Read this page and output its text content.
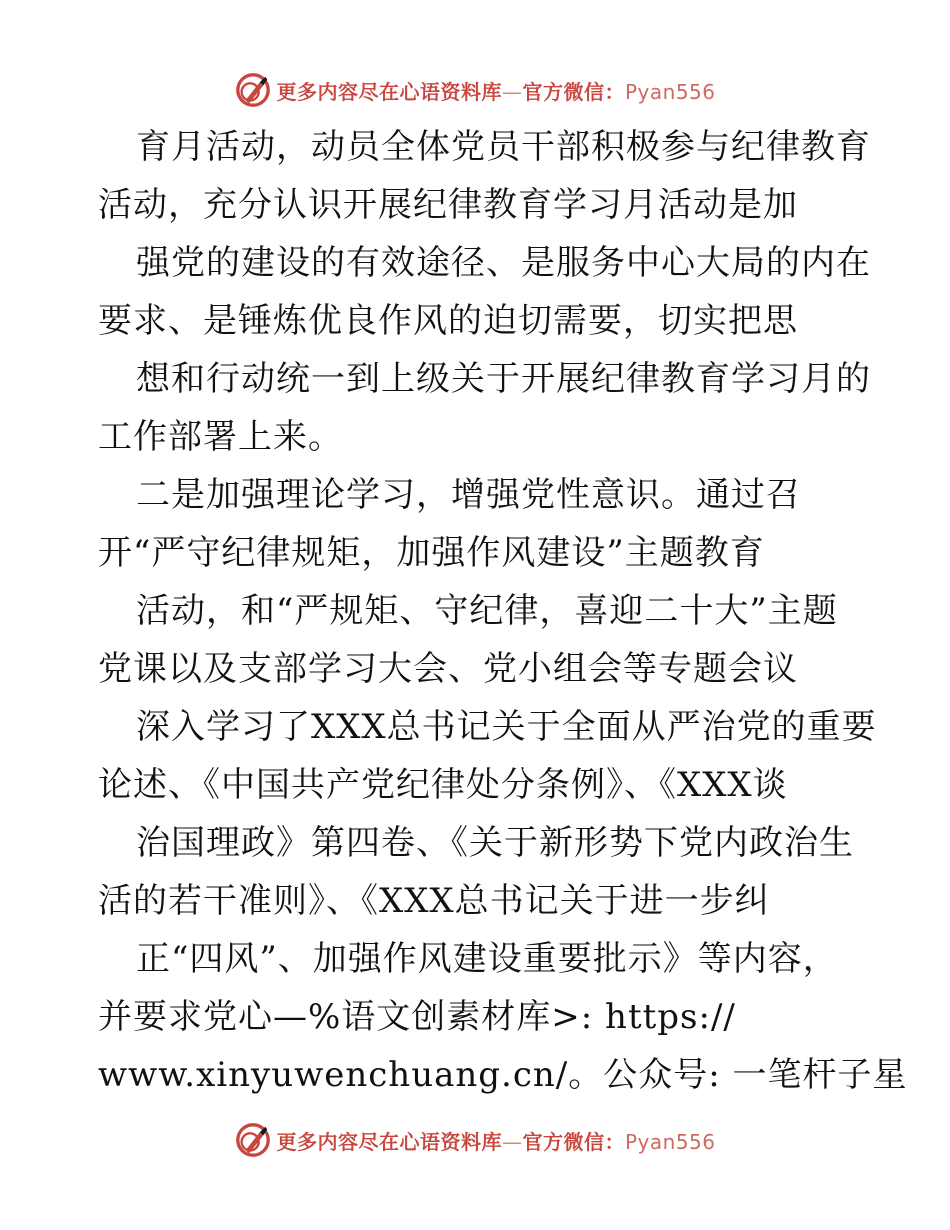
更多内容尽在心语资料库—官方微信：Pyan556
育月活动，动员全体党员干部积极参与纪律教育
活动，充分认识开展纪律教育学习月活动是加
强党的建设的有效途径、是服务中心大局的内在
要求、是锤炼优良作风的迫切需要，切实把思
想和行动统一到上级关于开展纪律教育学习月的
工作部署上来。
二是加强理论学习，增强党性意识。通过召
开“严守纪律规矩，加强作风建设”主题教育
活动，和“严规矩、守纪律，喜迎二十大”主题
党课以及支部学习大会、党小组会等专题会议
深入学习了XXX总书记关于全面从严治党的重要
论述、《中国共产党纪律处分条例》、《XXX谈
治国理政》第四卷、《关于新形势下党内政治生
活的若干准则》、《XXX总书记关于进一步纠
正“四风”、加强作风建设重要批示》等内容，
并要求党心—%语文创素材库>: https://
www.xinyuwenchuang.cn/。公众号: 一笔杆子星
更多内容尽在心语资料库—官方微信：Pyan556
